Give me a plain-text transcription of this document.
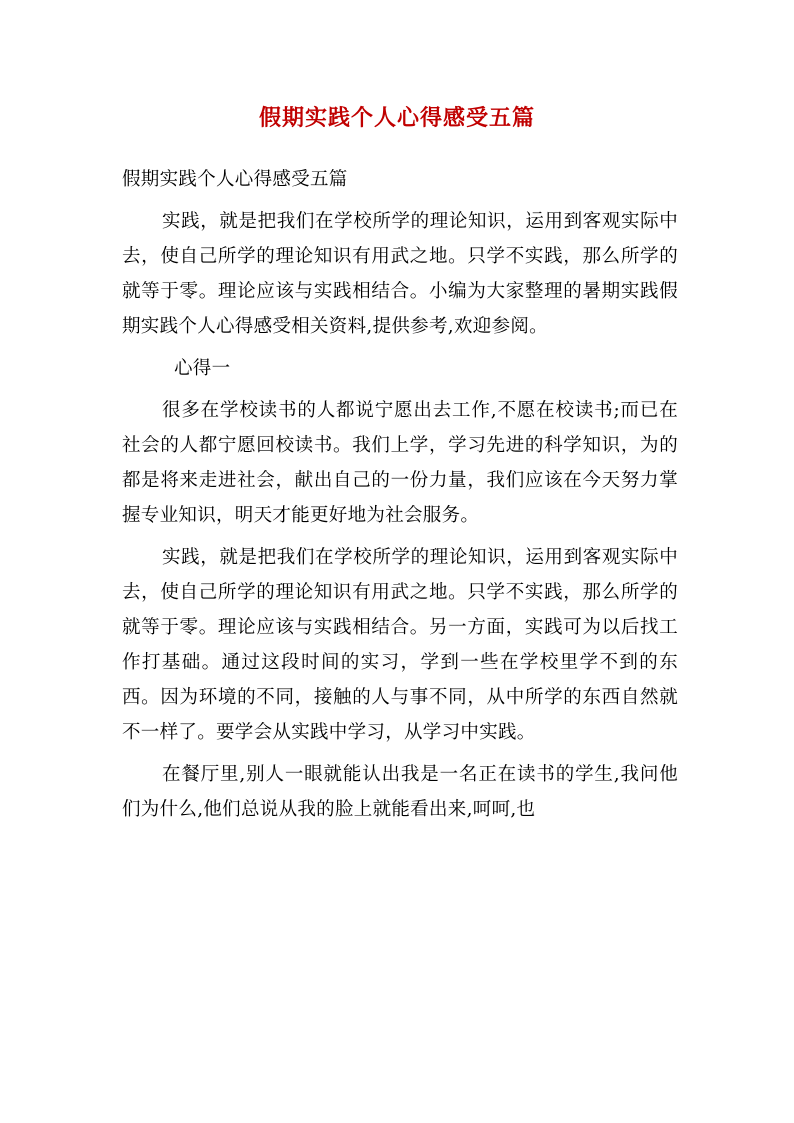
假期实践个人心得感受五篇

假期实践个人心得感受五篇

实践，就是把我们在学校所学的理论知识，运用到客观实际中去，使自己所学的理论知识有用武之地。只学不实践，那么所学的就等于零。理论应该与实践相结合。小编为大家整理的暑期实践假期实践个人心得感受相关资料,提供参考,欢迎参阅。

心得一

很多在学校读书的人都说宁愿出去工作,不愿在校读书;而已在社会的人都宁愿回校读书。我们上学，学习先进的科学知识，为的都是将来走进社会，献出自己的一份力量，我们应该在今天努力掌握专业知识，明天才能更好地为社会服务。

实践，就是把我们在学校所学的理论知识，运用到客观实际中去，使自己所学的理论知识有用武之地。只学不实践，那么所学的就等于零。理论应该与实践相结合。另一方面，实践可为以后找工作打基础。通过这段时间的实习，学到一些在学校里学不到的东西。因为环境的不同，接触的人与事不同，从中所学的东西自然就不一样了。要学会从实践中学习，从学习中实践。

在餐厅里,别人一眼就能认出我是一名正在读书的学生,我问他们为什么,他们总说从我的脸上就能看出来,呵呵,也
